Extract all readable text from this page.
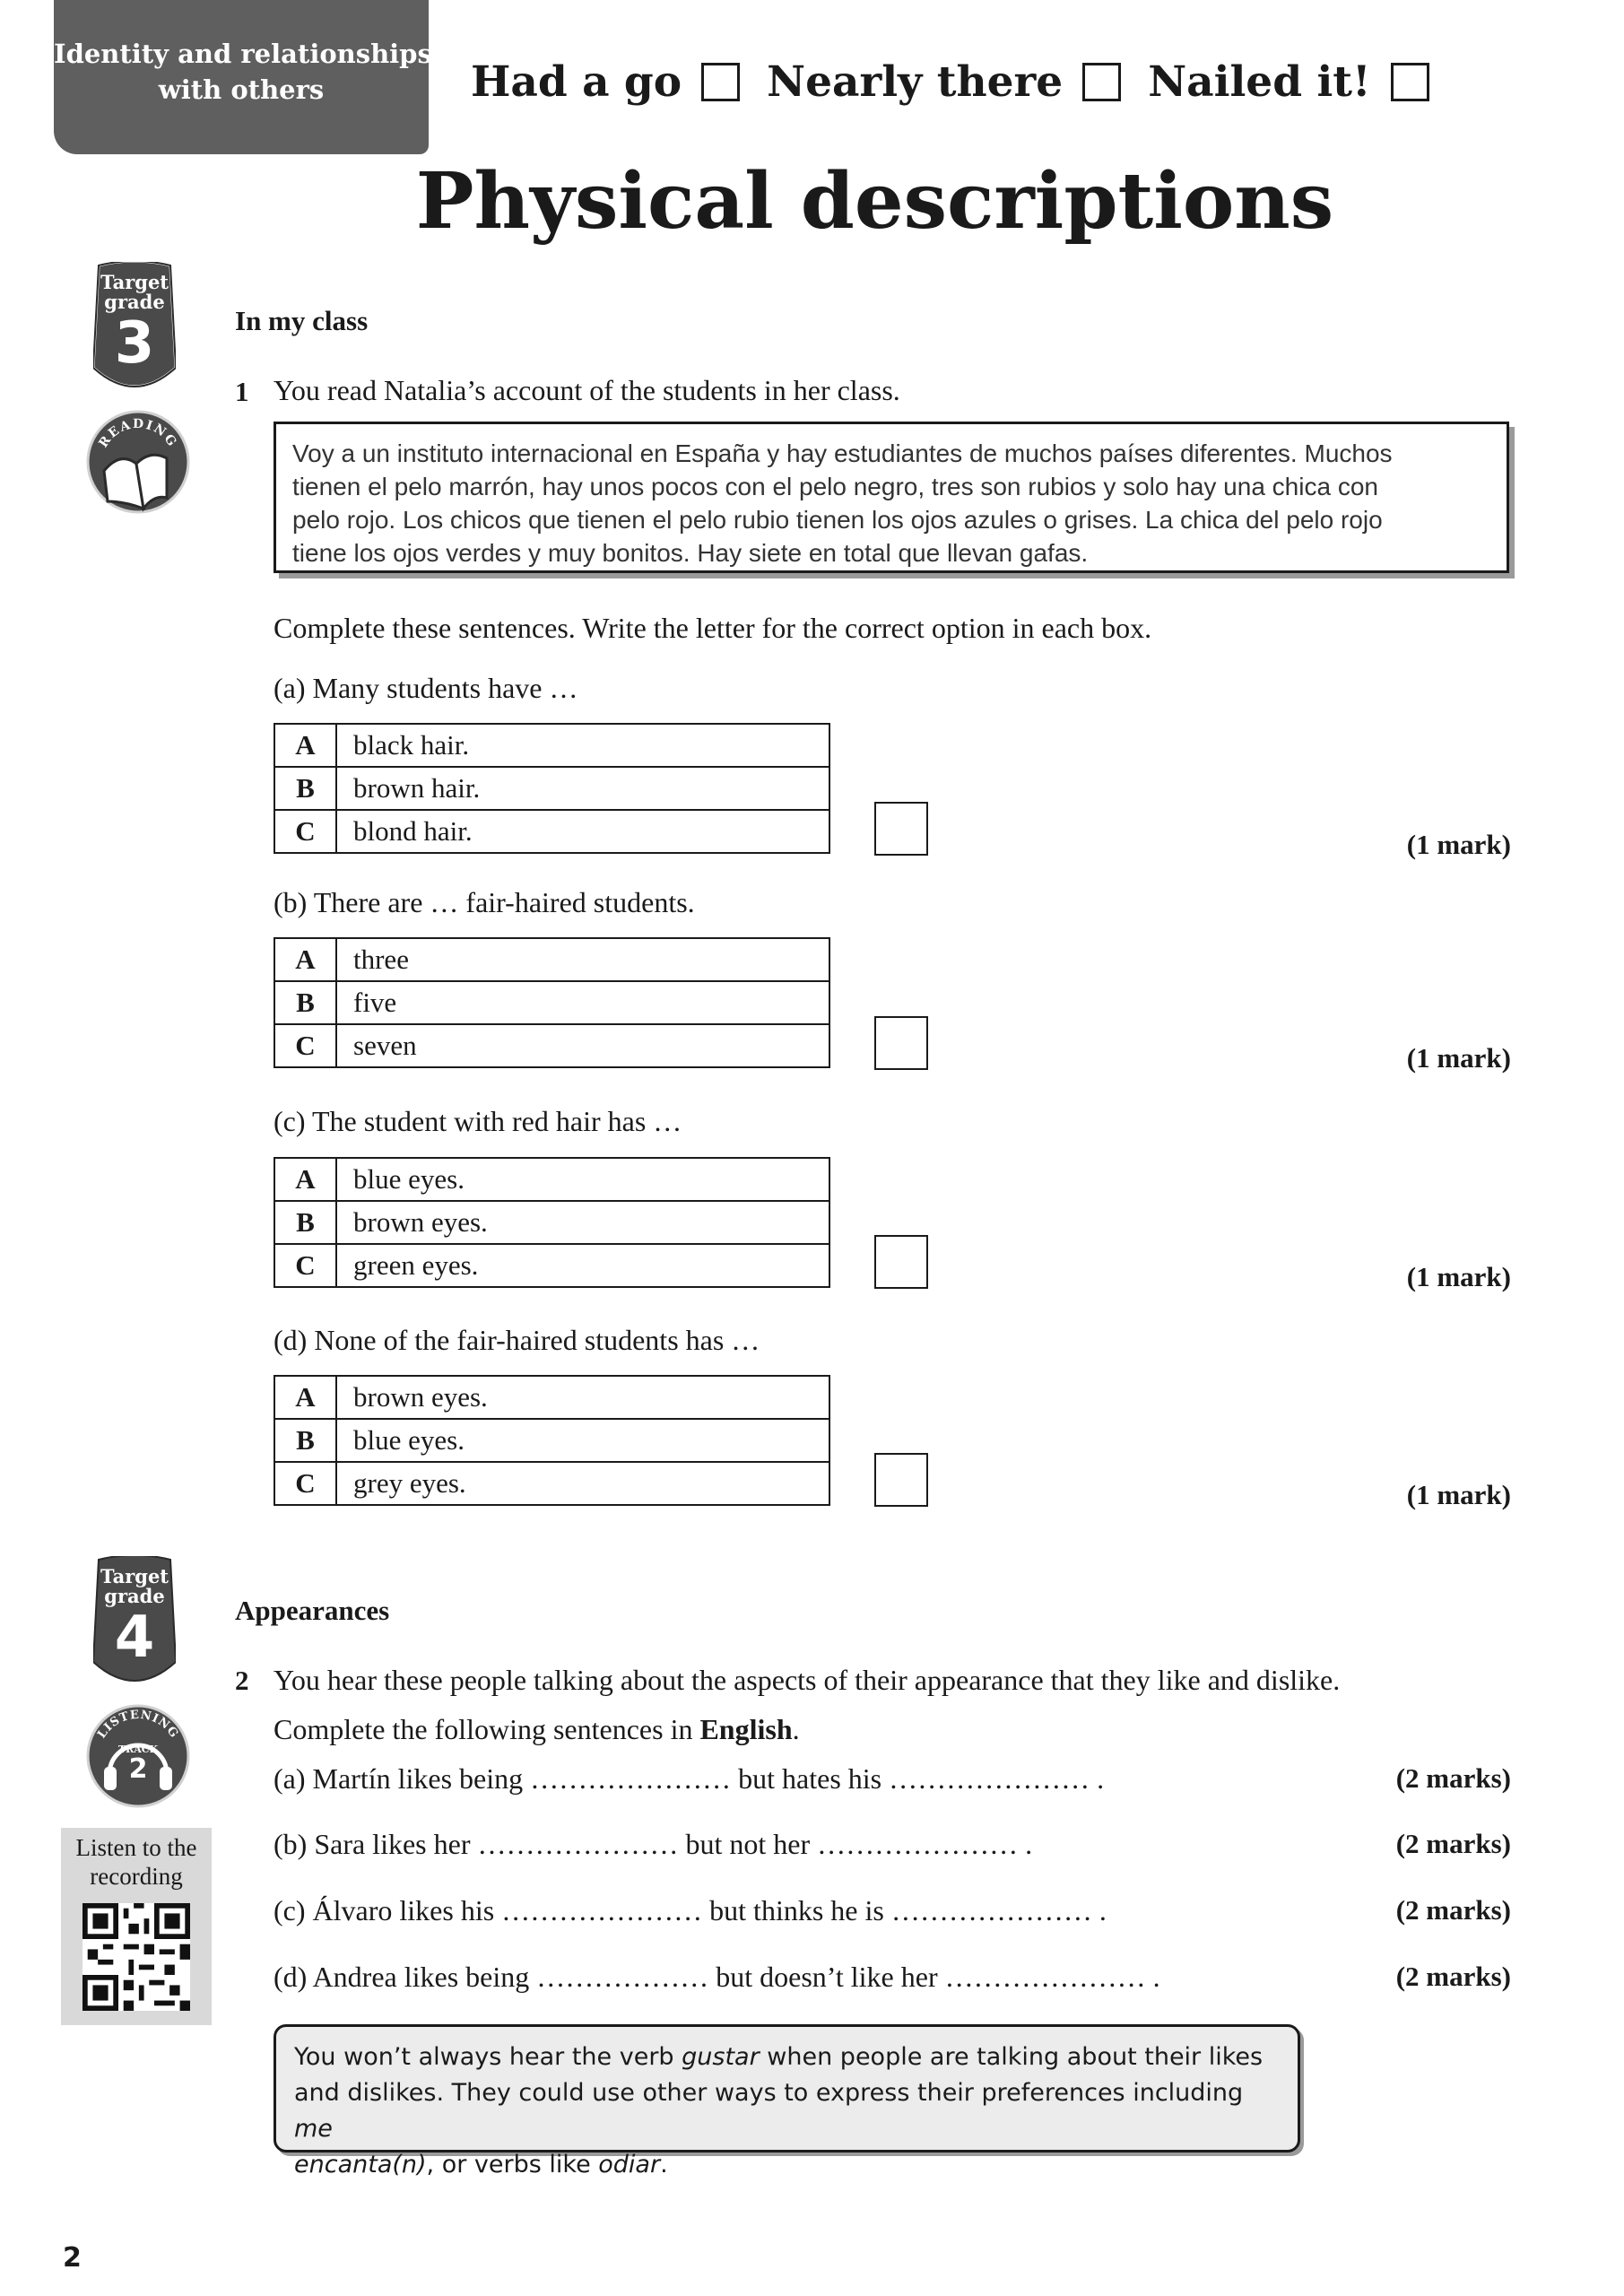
Identity and relationships
with others	Had a go Nearly there Nailed it!
Physical descriptions
Target
grade
3
READING
In my class
1 You read Natalia’s account of the students in her class.
Voy a un instituto internacional en España y hay estudiantes de muchos países diferentes. Muchos
tienen el pelo marrón, hay unos pocos con el pelo negro, tres son rubios y solo hay una chica con
pelo rojo. Los chicos que tienen el pelo rubio tienen los ojos azules o grises. La chica del pelo rojo
tiene los ojos verdes y muy bonitos. Hay siete en total que llevan gafas.
Complete these sentences. Write the letter for the correct option in each box.
(a) Many students have …
A	black hair.
B	brown hair.
C	blond hair.	(1 mark)
(b) There are … fair-haired students.
A	three
B	five
C	seven	(1 mark)
(c) The student with red hair has …
A	blue eyes.
B	brown eyes.
C	green eyes.	(1 mark)
(d) None of the fair-haired students has …
A	brown eyes.
B	blue eyes.
C	grey eyes.	(1 mark)
Target
grade
4
LISTENING
TRACK
2
Listen to the
recording
Appearances
2 You hear these people talking about the aspects of their appearance that they like and dislike.
Complete the following sentences in English.
(a) Martín likes being ………………… but hates his ………………… .	(2 marks)
(b) Sara likes her ………………… but not her ………………… .	(2 marks)
(c) Álvaro likes his ………………… but thinks he is ………………… .	(2 marks)
(d) Andrea likes being ……………… but doesn’t like her ………………… .	(2 marks)
You won’t always hear the verb gustar when people are talking about their likes
and dislikes. They could use other ways to express their preferences including me
encanta(n), or verbs like odiar.
2
